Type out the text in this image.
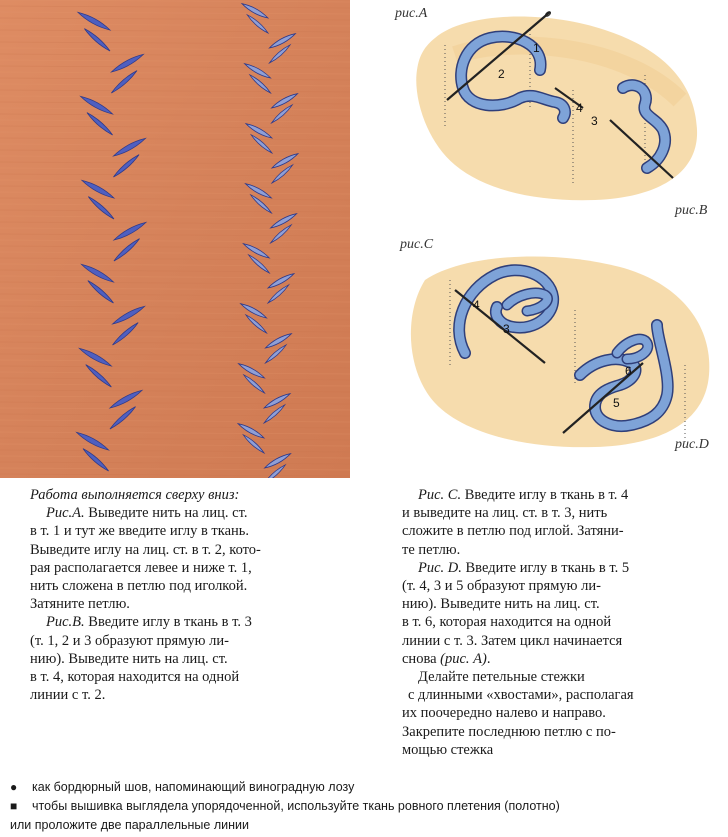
1
2
4
3
рис.A
рис.B
4
3
6
5
рис.C
рис.D

Работа выполняется сверху вниз:

Рис.A. Выведите нить на лиц. ст.

в т. 1 и тут же введите иглу в ткань.

Выведите иглу на лиц. ст. в т. 2, кото-

рая располагается левее и ниже т. 1,

нить сложена в петлю под иголкой.

Затяните петлю.

Рис.B. Введите иглу в ткань в т. 3

(т. 1, 2 и 3 образуют прямую ли-

нию). Выведите нить на лиц. ст.

в т. 4, которая находится на одной

линии с т. 2.

Рис. C. Введите иглу в ткань в т. 4

и выведите на лиц. ст. в т. 3, нить

сложите в петлю под иглой. Затяни-

те петлю.

Рис. D. Введите иглу в ткань в т. 5

(т. 4, 3 и 5 образуют прямую ли-

нию). Выведите нить на лиц. ст.

в т. 6, которая находится на одной

линии с т. 3. Затем цикл начинается

снова (рис. A).

Делайте петельные стежки

с длинными «хвостами», располагая

их поочередно налево и направо.

Закрепите последнюю петлю с по-

мощью стежка

●	как бордюрный шов, напоминающий виноградную лозу
■	чтобы вышивка выглядела упорядоченной, используйте ткань ровного плетения (полотно)
или проложите две параллельные линии
